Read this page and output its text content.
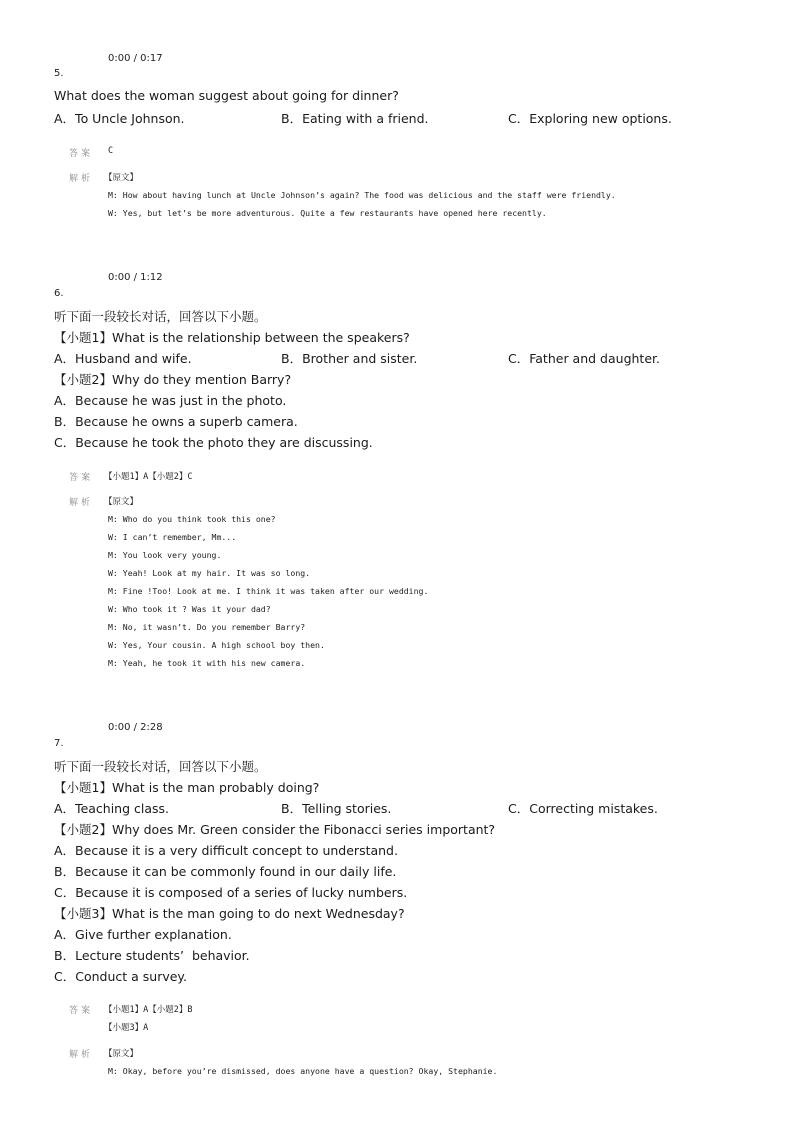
0:00 / 0:17
5.
What does the woman suggest about going for dinner?
A．To Uncle Johnson.	B．Eating with a friend.	C．Exploring new options.
答案 C
解析 【原文】
M: How about having lunch at Uncle Johnson’s again? The food was delicious and the staff were friendly.
W: Yes, but let’s be more adventurous. Quite a few restaurants have opened here recently.
0:00 / 1:12
6.
听下面一段较长对话，回答以下小题。
【小题1】What is the relationship between the speakers?
A．Husband and wife.	B．Brother and sister.	C．Father and daughter.
【小题2】Why do they mention Barry?
A．Because he was just in the photo.
B．Because he owns a superb camera.
C．Because he took the photo they are discussing.
答案 【小题1】A【小题2】C
解析 【原文】
M: Who do you think took this one?
W: I can’t remember, Mm...
M: You look very young.
W: Yeah! Look at my hair. It was so long.
M: Fine !Too! Look at me. I think it was taken after our wedding.
W: Who took it ? Was it your dad?
M: No, it wasn’t. Do you remember Barry?
W: Yes, Your cousin. A high school boy then.
M: Yeah, he took it with his new camera.
0:00 / 2:28
7.
听下面一段较长对话，回答以下小题。
【小题1】What is the man probably doing?
A．Teaching class.	B．Telling stories.	C．Correcting mistakes.
【小题2】Why does Mr. Green consider the Fibonacci series important?
A．Because it is a very difficult concept to understand.
B．Because it can be commonly found in our daily life.
C．Because it is composed of a series of lucky numbers.
【小题3】What is the man going to do next Wednesday?
A．Give further explanation.
B．Lecture students’  behavior.
C．Conduct a survey.
答案 【小题1】A【小题2】B
【小题3】A
解析 【原文】
M: Okay, before you’re dismissed, does anyone have a question? Okay, Stephanie.
